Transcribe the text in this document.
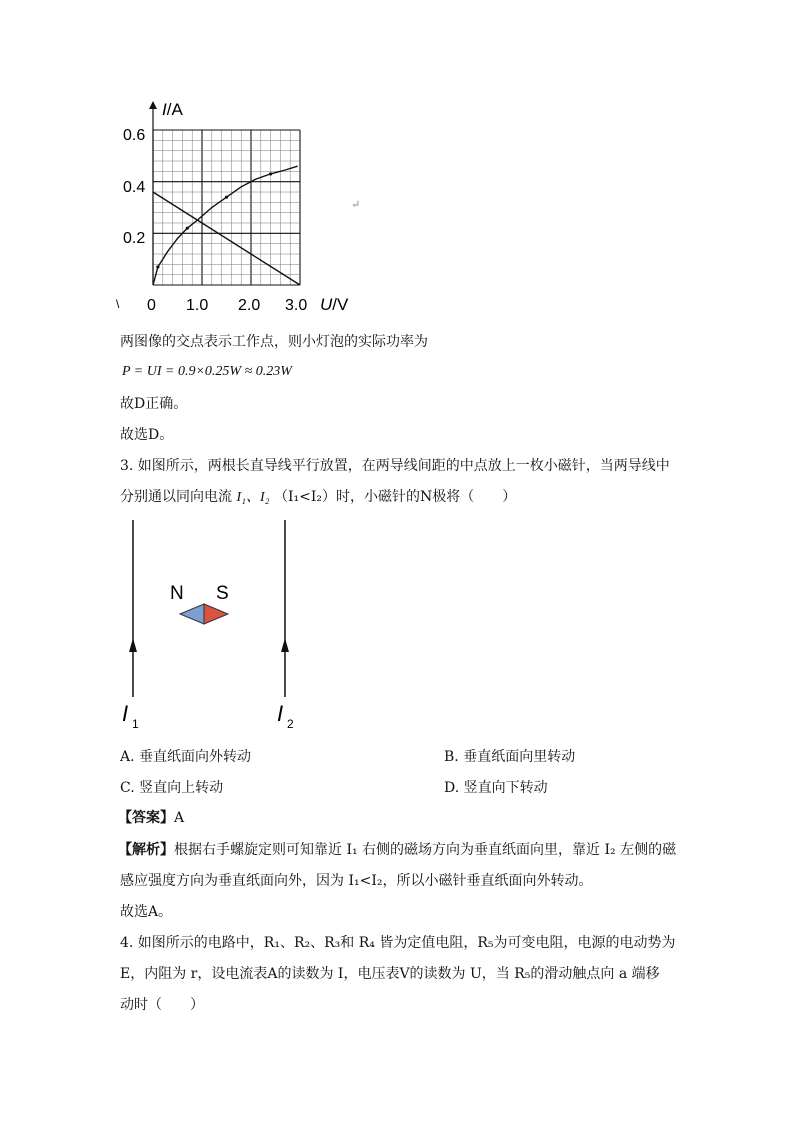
I/A
0.6
0.4
0.2
0 1.0 2.0 3.0 U/V
\
↵
两图像的交点表示工作点，则小灯泡的实际功率为
P = UI = 0.9×0.25W ≈ 0.23W
故D正确。
故选D。
3. 如图所示，两根长直导线平行放置，在两导线间距的中点放上一枚小磁针，当两导线中
分别通以同向电流 I₁、I₂ （I₁<I₂）时，小磁针的N极将（　　）
N S
I 1	I 2
A. 垂直纸面向外转动	B. 垂直纸面向里转动
C. 竖直向上转动	D. 竖直向下转动
【答案】A
【解析】根据右手螺旋定则可知靠近 I₁ 右侧的磁场方向为垂直纸面向里，靠近 I₂ 左侧的磁
感应强度方向为垂直纸面向外，因为 I₁<I₂，所以小磁针垂直纸面向外转动。
故选A。
4. 如图所示的电路中，R₁、R₂、R₃和 R₄ 皆为定值电阻，R₅为可变电阻，电源的电动势为
E，内阻为 r，设电流表A的读数为 I，电压表V的读数为 U，当 R₅的滑动触点向 a 端移
动时（　　）
